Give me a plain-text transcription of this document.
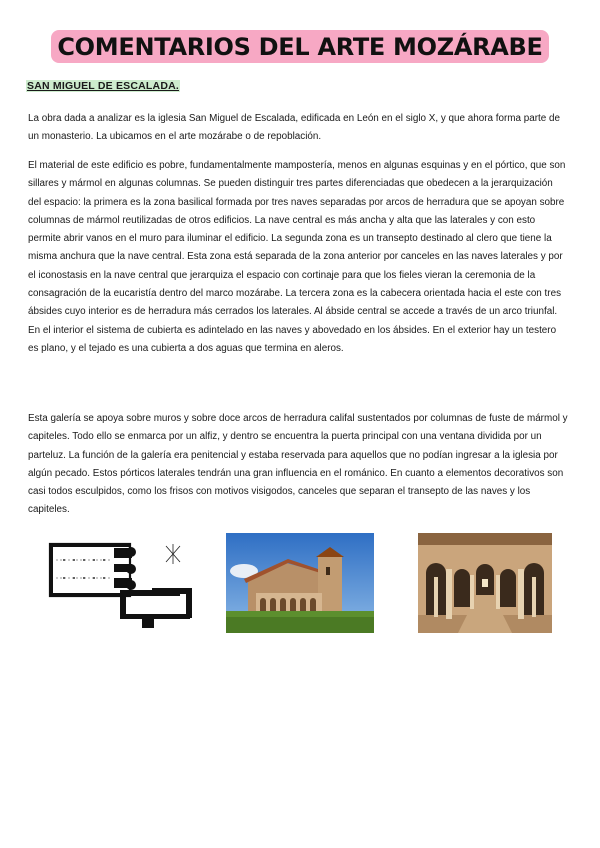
COMENTARIOS DEL ARTE MOZÁRABE
SAN MIGUEL DE ESCALADA.

La obra dada a analizar es la iglesia San Miguel de Escalada, edificada en León en el siglo X, y que ahora forma parte de un monasterio. La ubicamos en el arte mozárabe o de repoblación.

El material de este edificio es pobre, fundamentalmente mampostería, menos en algunas esquinas y en el pórtico, que son sillares y mármol en algunas columnas. Se pueden distinguir tres partes diferenciadas que obedecen a la jerarquización del espacio: la primera es la zona basilical formada por tres naves separadas por arcos de herradura que se apoyan sobre columnas de mármol reutilizadas de otros edificios. La nave central es más ancha y alta que las laterales y con esto permite abrir vanos en el muro para iluminar el edificio. La segunda zona es un transepto destinado al clero que tiene la misma anchura que la nave central. Esta zona está separada de la zona anterior por canceles en las naves laterales y por el iconostasis en la nave central que jerarquiza el espacio con cortinaje para que los fieles vieran la ceremonia de la consagración de la eucaristía dentro del marco mozárabe. La tercera zona es la cabecera orientada hacia el este con tres ábsides cuyo interior es de herradura más cerrados los laterales. Al ábside central se accede a través de un arco triunfal. En el interior el sistema de cubierta es adintelado en las naves y abovedado en los ábsides. En el exterior hay un testero es plano, y el tejado es una cubierta a dos aguas que termina en aleros.

Esta galería se apoya sobre muros y sobre doce arcos de herradura califal sustentados por columnas de fuste de mármol y capiteles. Todo ello se enmarca por un alfiz, y dentro se encuentra la puerta principal con una ventana dividida por un parteluz. La función de la galería era penitencial y estaba reservada para aquellos que no podían ingresar a la iglesia por algún pecado. Estos pórticos laterales tendrán una gran influencia en el románico. En cuanto a elementos decorativos son casi todos esculpidos, como los frisos con motivos visigodos, canceles que separan el transepto de las naves y los capiteles.
